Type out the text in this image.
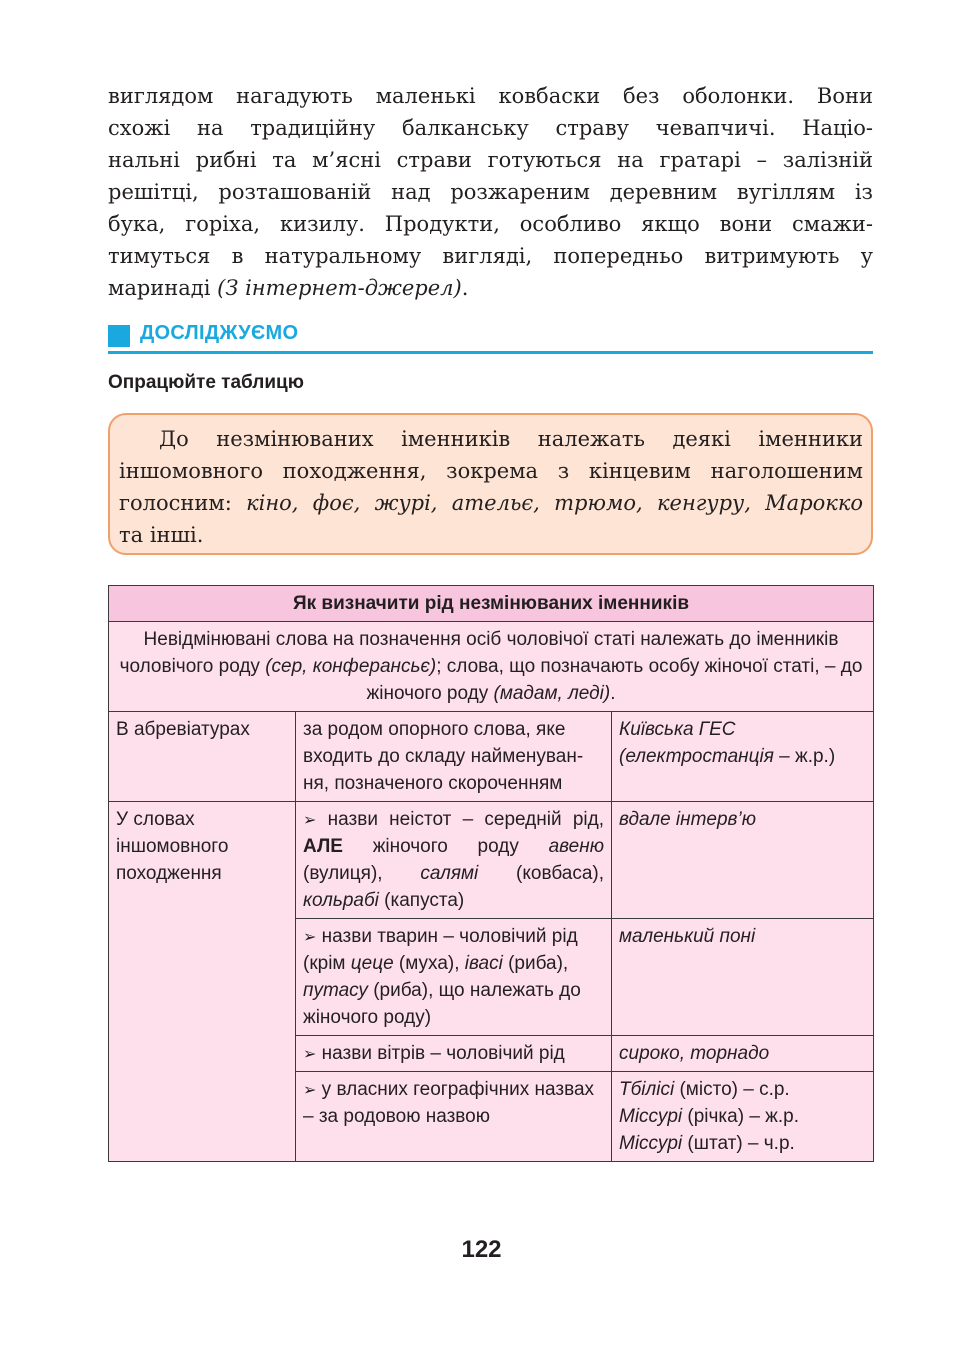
виглядом нагадують маленькі ковбаски без оболонки. Вони
схожі на традиційну балканську страву чевапчичі. Націо-
нальні рибні та м’ясні страви готуються на гратарі – залізній
решітці, розташованій над розжареним деревним вугіллям із
бука, горіха, кизилу. Продукти, особливо якщо вони смажи-
тимуться в натуральному вигляді, попередньо витримують у
маринаді (З інтернет-джерел).
ДОСЛІДЖУЄМО
Опрацюйте таблицю
До незмінюваних іменників належать деякі іменники
іншомовного походження, зокрема з кінцевим наголошеним
голосним: кіно, фоє, журі, ательє, трюмо, кенгуру, Марокко
та інші.
Як визначити рід незмінюваних іменників		
Невідмінювані слова на позначення осіб чоловічої статі належать до іменників чоловічого роду (сер, конферансьє); слова, що позначають особу жіночої статі, – до жіночого роду (мадам, леді).		
В абревіатурах	за родом опорного слова, яке входить до складу найменуван-ня, позначеного скороченням	Київська ГЕС
(електростанція – ж.р.)
У словах іншомовного походження	➢ назви неістот – середній рід, АЛЕ жіночого роду авеню (вулиця), салямі (ковбаса), кольрабі (капуста)	вдале інтерв’ю
	➢ назви тварин – чоловічий рід (крім цеце (муха), івасі (риба), путасу (риба), що належать до жіночого роду)	маленький поні
	➢ назви вітрів – чоловічий рід	сироко, торнадо
	➢ у власних географічних назвах – за родовою назвою	Тбілісі (місто) – с.р.
Міссурі (річка) – ж.р.
Міссурі (штат) – ч.р.
122
